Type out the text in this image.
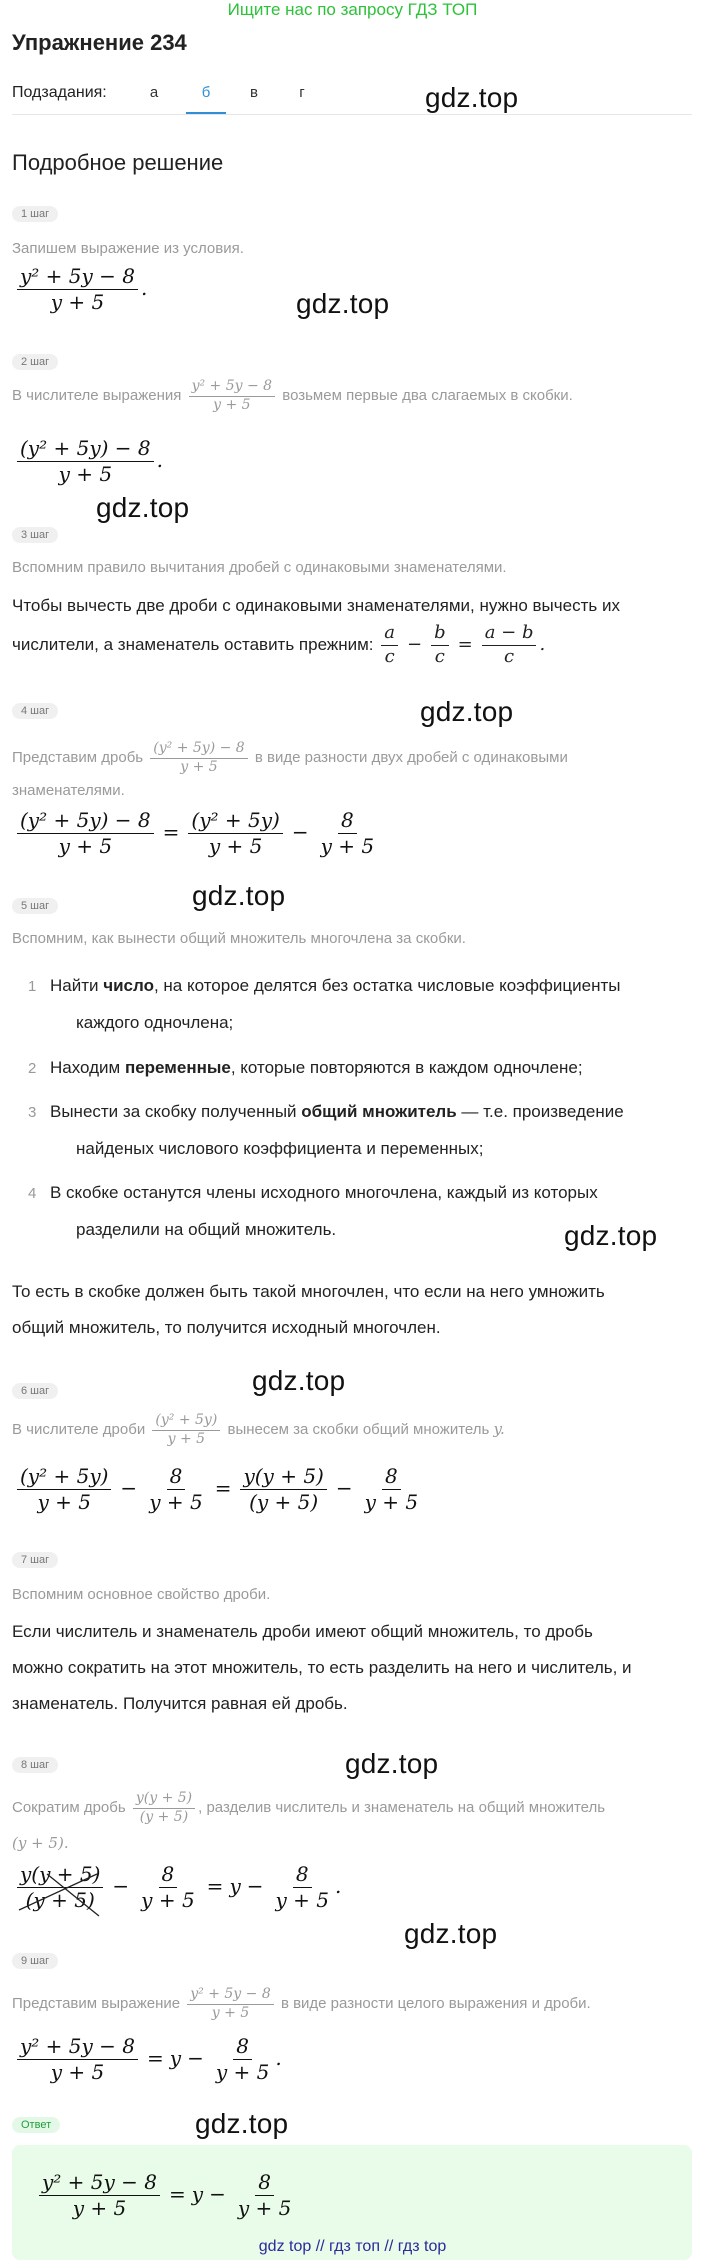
Ищите нас по запросу ГДЗ ТОП
Упражнение 234
Подзадания:	а	б	в	г	gdz.top
Подробное решение
1 шаг
Запишем выражение из условия.
$\frac{\text{y² + 5y − 8}}{y + 5}$ .	gdz.top
2 шаг
В числителе выражения $\frac{\text{y² + 5y − 8}}{y + 5}$ возьмем первые два слагаемых в скобки.
$\frac{\text{(y² + 5y) − 8}}{y + 5}$ .
gdz.top
3 шаг
Вспомним правило вычитания дробей с одинаковыми знаменателями.
Чтобы вычесть две дроби с одинаковыми знаменателями, нужно вычесть их
числители, а знаменатель оставить прежним: $\frac{a}{c} - \frac{b}{c} = \frac{a - b}{c}$ .
gdz.top
4 шаг
Представим дробь $\frac{\text{(y² + 5y) − 8}}{y + 5}$ в виде разности двух дробей с одинаковыми
знаменателями.
$\frac{\text{(y² + 5y) − 8}}{y + 5} = \frac{\text{(y² + 5y)}}{y + 5} - \frac{8}{y + 5}$
gdz.top
5 шаг
Вспомним, как вынести общий множитель многочлена за скобки.
1 Найти число, на которое делятся без остатка числовые коэффициенты
каждого одночлена;
2 Находим переменные, которые повторяются в каждом одночлене;
3 Вынести за скобку полученный общий множитель — т.е. произведение
найденых числового коэффициента и переменных;
4 В скобке останутся члены исходного многочлена, каждый из которых
разделили на общий множитель.	gdz.top
То есть в скобке должен быть такой многочлен, что если на него умножить
общий множитель, то получится исходный многочлен.
gdz.top
6 шаг
В числителе дроби $\frac{\text{(y² + 5y)}}{y + 5}$ вынесем за скобки общий множитель y.
$\frac{\text{(y² + 5y)}}{y + 5} - \frac{8}{y + 5} = \frac{y(y + 5)}{(y + 5)} - \frac{8}{y + 5}$
7 шаг
Вспомним основное свойство дроби.
Если числитель и знаменатель дроби имеют общий множитель, то дробь
можно сократить на этот множитель, то есть разделить на него и числитель, и
знаменатель. Получится равная ей дробь.
gdz.top
8 шаг
Сократим дробь $\frac{y(y + 5)}{(y + 5)}$ , разделив числитель и знаменатель на общий множитель
(y + 5).
$\frac{y(y + 5)}{(y + 5)} - \frac{8}{y + 5} = y - \frac{8}{y + 5}$ .
gdz.top
9 шаг
Представим выражение $\frac{\text{y² + 5y − 8}}{y + 5}$ в виде разности целого выражения и дроби.
$\frac{\text{y² + 5y − 8}}{y + 5} = y - \frac{8}{y + 5}$ .
Ответ	gdz.top
$\frac{\text{y² + 5y − 8}}{y + 5} = y - \frac{8}{y + 5}$
gdz top // гдз топ // гдз top
